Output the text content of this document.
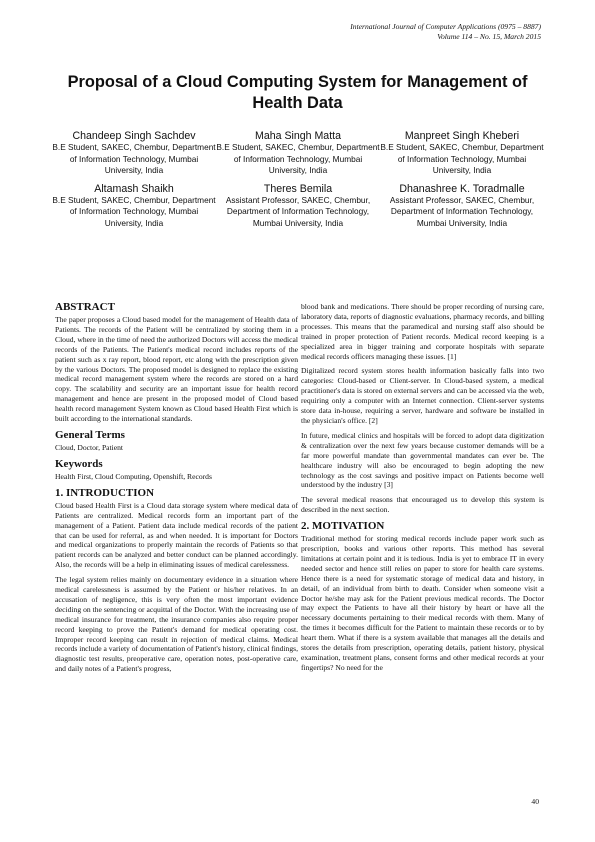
International Journal of Computer Applications (0975 – 8887)
Volume 114 – No. 15, March 2015
Proposal of a Cloud Computing System for Management of Health Data
Chandeep Singh Sachdev
B.E Student, SAKEC, Chembur, Department of Information Technology, Mumbai University, India
Maha Singh Matta
B.E Student, SAKEC, Chembur, Department of Information Technology, Mumbai University, India
Manpreet Singh Kheberi
B.E Student, SAKEC, Chembur, Department of Information Technology, Mumbai University, India
Altamash Shaikh
B.E Student, SAKEC, Chembur, Department of Information Technology, Mumbai University, India
Theres Bemila
Assistant Professor, SAKEC, Chembur, Department of Information Technology, Mumbai University, India
Dhanashree K. Toradmalle
Assistant Professor, SAKEC, Chembur, Department of Information Technology, Mumbai University, India
ABSTRACT

The paper proposes a Cloud based model for the management of Health data of Patients. The records of the Patient will be centralized by storing them in a Cloud, where in the time of need the authorized Doctors will access the medical records of the Patients. The Patient's medical record includes reports of the patient such as x ray report, blood report, etc along with the prescription given by the various Doctors. The proposed model is designed to replace the existing medical record management system where the records are stored on a hard copy. The scalability and security are an important issue for health record management and hence are present in the proposed model of Cloud based health record management System known as Cloud based Health First which is built according to the international standards.

General Terms

Cloud, Doctor, Patient

Keywords

Health First, Cloud Computing, Openshift, Records

1. INTRODUCTION

Cloud based Health First is a Cloud data storage system where medical data of Patients are centralized. Medical records form an important part of the management of a Patient. Patient data include medical records of the patient that can be used for referral, as and when needed. It is important for Doctors and medical organizations to properly maintain the records of Patients so that patient records can be analyzed and better conduct can be planned accordingly. Also, the records will be a help in eliminating issues of medical carelessness.

The legal system relies mainly on documentary evidence in a situation where medical carelessness is assumed by the Patient or his/her relatives. In an accusation of negligence, this is very often the most important evidence deciding on the sentencing or acquittal of the Doctor. With the increasing use of medical insurance for treatment, the insurance companies also require proper record keeping to prove the Patient's demand for medical operating cost. Improper record keeping can result in rejection of medical claims. Medical records include a variety of documentation of Patient's history, clinical findings, diagnostic test results, preoperative care, operation notes, post-operative care, and daily notes of a Patient's progress,

blood bank and medications. There should be proper recording of nursing care, laboratory data, reports of diagnostic evaluations, pharmacy records, and billing processes. This means that the paramedical and nursing staff also should be trained in proper protection of Patient records. Medical record keeping is a specialized area in bigger training and corporate hospitals with separate medical records officers managing these issues. [1]

Digitalized record system stores health information basically falls into two categories: Cloud-based or Client-server. In Cloud-based system, a medical practitioner's data is stored on external servers and can be accessed via the web, requiring only a computer with an Internet connection. Client-server systems store data in-house, requiring a server, hardware and software be installed in the physician's office. [2]

In future, medical clinics and hospitals will be forced to adopt data digitization & centralization over the next few years because customer demands will be a far more powerful mandate than governmental mandates can ever be. The healthcare industry will also be encouraged to begin adopting the new technology as the cost savings and positive impact on Patients become well understood by the industry [3]

The several medical reasons that encouraged us to develop this system is described in the next section.

2. MOTIVATION

Traditional method for storing medical records include paper work such as prescription, books and various other reports. This method has several limitations at certain point and it is tedious. India is yet to embrace IT in every needed sector and hence still relies on paper to store for health care systems. Hence there is a need for systematic storage of medical data and history, in detail, of an individual from birth to death. Consider when someone visit a Doctor he/she may ask for the Patient previous medical records. The Doctor may expect the Patients to have all their history by heart or have all the necessary documents pertaining to their medical records with them. Many of the times it becomes difficult for the Patient to maintain these records or to by heart them. What if there is a system available that manages all the details and stores the details from prescription, operating details, patient history, physical examination, treatment plans, consent forms and other medical records at your fingertips? No need for the

40
